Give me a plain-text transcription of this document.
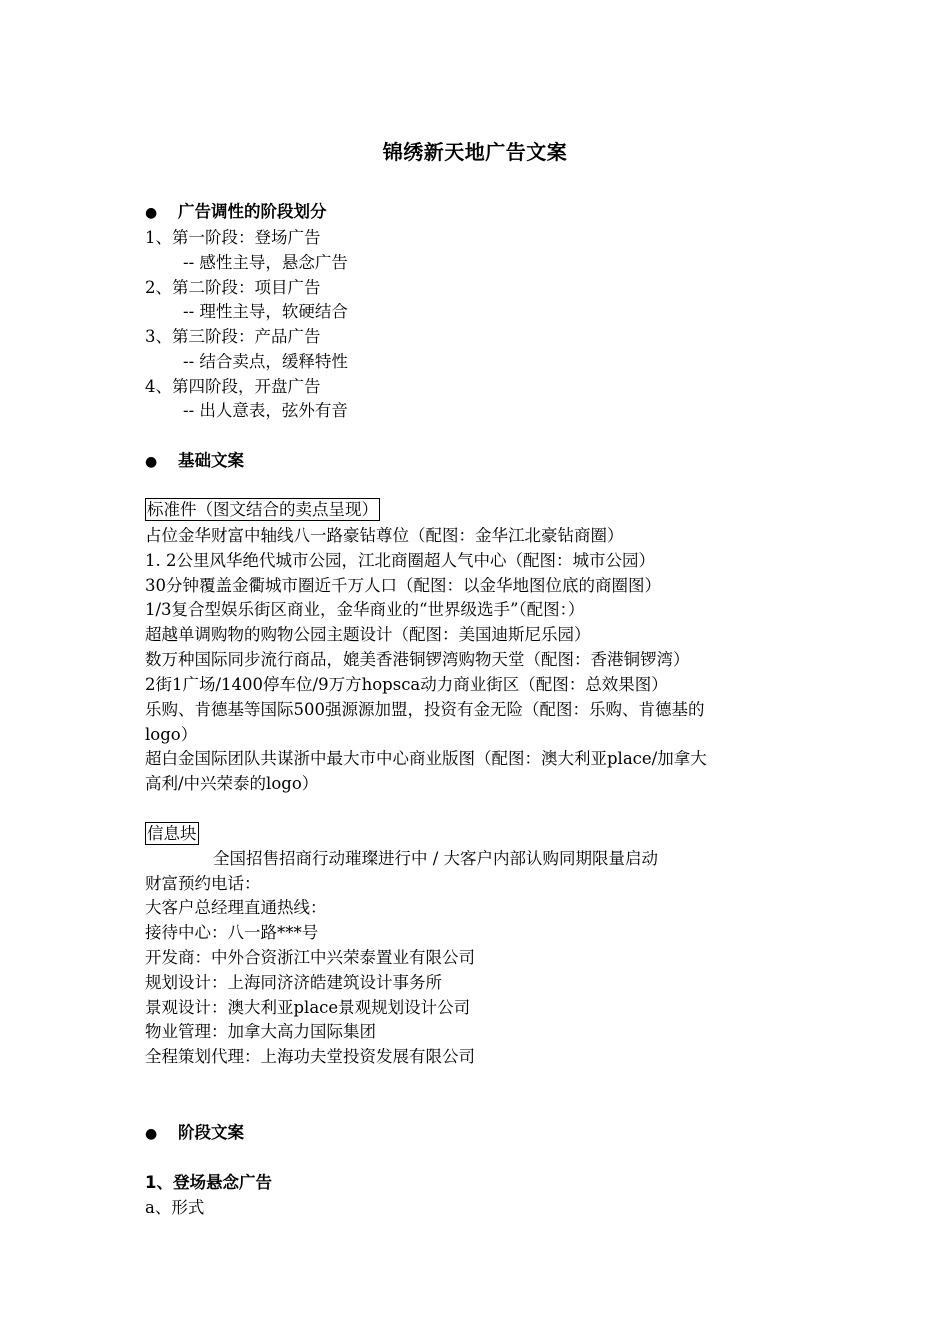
锦绣新天地广告文案
● 广告调性的阶段划分
1、第一阶段：登场广告
-- 感性主导，悬念广告
2、第二阶段：项目广告
-- 理性主导，软硬结合
3、第三阶段：产品广告
-- 结合卖点，缓释特性
4、第四阶段，开盘广告
-- 出人意表，弦外有音
● 基础文案
标准件（图文结合的卖点呈现）
占位金华财富中轴线八一路豪钻尊位（配图：金华江北豪钻商圈）
1. 2公里风华绝代城市公园，江北商圈超人气中心（配图：城市公园）
30分钟覆盖金衢城市圈近千万人口（配图：以金华地图位底的商圈图）
1/3复合型娱乐街区商业，金华商业的“世界级选手”（配图：）
超越单调购物的购物公园主题设计（配图：美国迪斯尼乐园）
数万种国际同步流行商品，媲美香港铜锣湾购物天堂（配图：香港铜锣湾）
2街1广场/1400停车位/9万方hopsca动力商业街区（配图：总效果图）
乐购、肯德基等国际500强源源加盟，投资有金无险（配图：乐购、肯德基的
logo）
超白金国际团队共谋浙中最大市中心商业版图（配图：澳大利亚place/加拿大
高利/中兴荣泰的logo）
信息块
全国招售招商行动璀璨进行中 / 大客户内部认购同期限量启动
财富预约电话：
大客户总经理直通热线：
接待中心：八一路***号
开发商：中外合资浙江中兴荣泰置业有限公司
规划设计：上海同济济皓建筑设计事务所
景观设计：澳大利亚place景观规划设计公司
物业管理：加拿大高力国际集团
全程策划代理：上海功夫堂投资发展有限公司
● 阶段文案
1、登场悬念广告
a、形式
